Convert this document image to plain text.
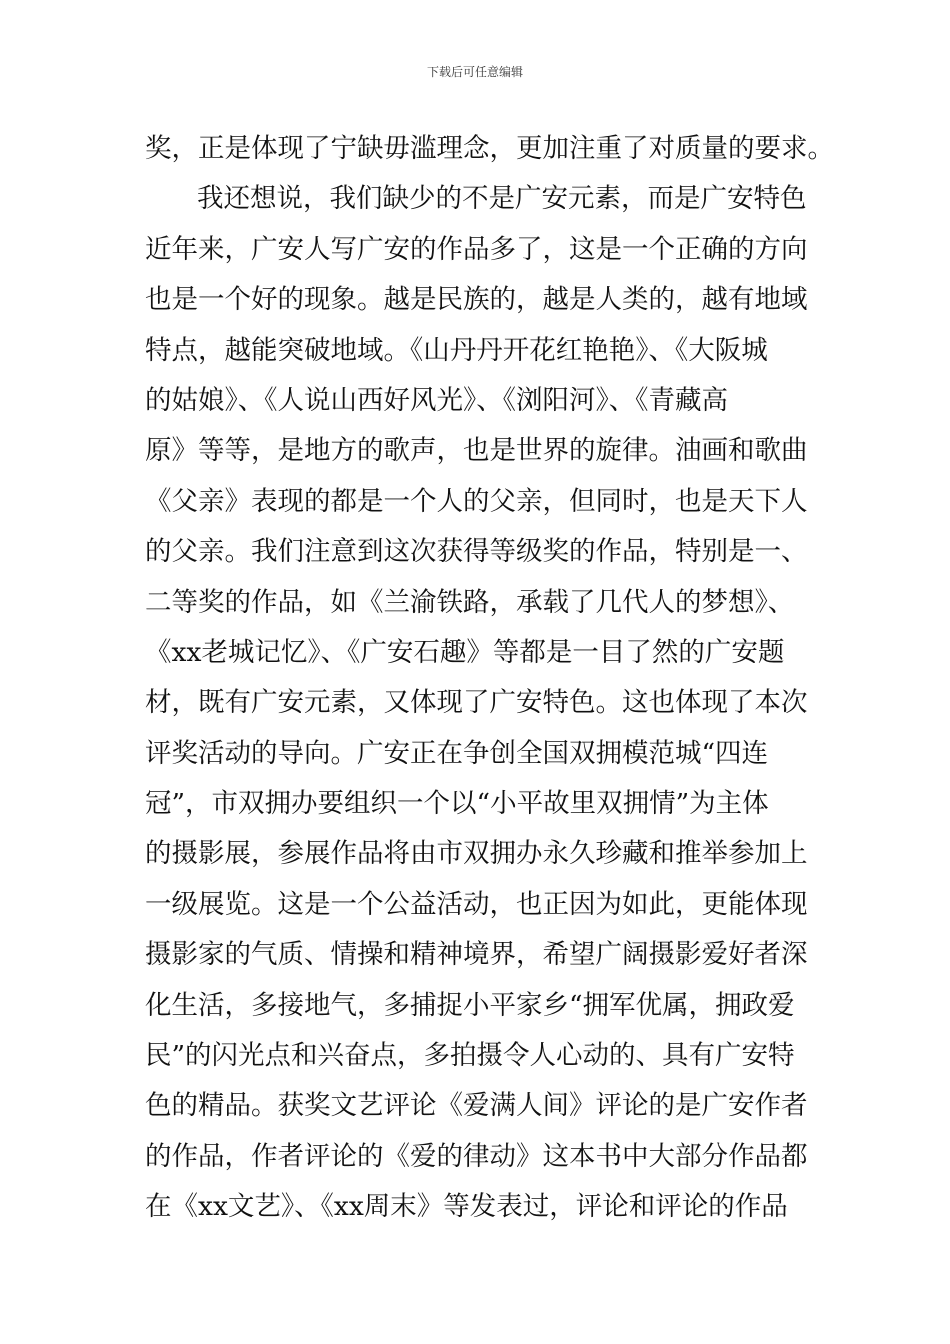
下载后可任意编辑
奖，正是体现了宁缺毋滥理念，更加注重了对质量的要求。
我还想说，我们缺少的不是广安元素，而是广安特色
近年来，广安人写广安的作品多了，这是一个正确的方向
也是一个好的现象。越是民族的，越是人类的，越有地域
特点，越能突破地域。《山丹丹开花红艳艳》、《大阪城
的姑娘》、《人说山西好风光》、《浏阳河》、《青藏高
原》等等，是地方的歌声，也是世界的旋律。油画和歌曲
《父亲》表现的都是一个人的父亲，但同时，也是天下人
的父亲。我们注意到这次获得等级奖的作品，特别是一、
二等奖的作品，如《兰渝铁路，承载了几代人的梦想》、
《xx老城记忆》、《广安石趣》等都是一目了然的广安题
材，既有广安元素，又体现了广安特色。这也体现了本次
评奖活动的导向。广安正在争创全国双拥模范城“四连
冠”，市双拥办要组织一个以“小平故里双拥情”为主体
的摄影展，参展作品将由市双拥办永久珍藏和推举参加上
一级展览。这是一个公益活动，也正因为如此，更能体现
摄影家的气质、情操和精神境界，希望广阔摄影爱好者深
化生活，多接地气，多捕捉小平家乡“拥军优属，拥政爱
民”的闪光点和兴奋点，多拍摄令人心动的、具有广安特
色的精品。获奖文艺评论《爱满人间》评论的是广安作者
的作品，作者评论的《爱的律动》这本书中大部分作品都
在《xx文艺》、《xx周末》等发表过，评论和评论的作品
